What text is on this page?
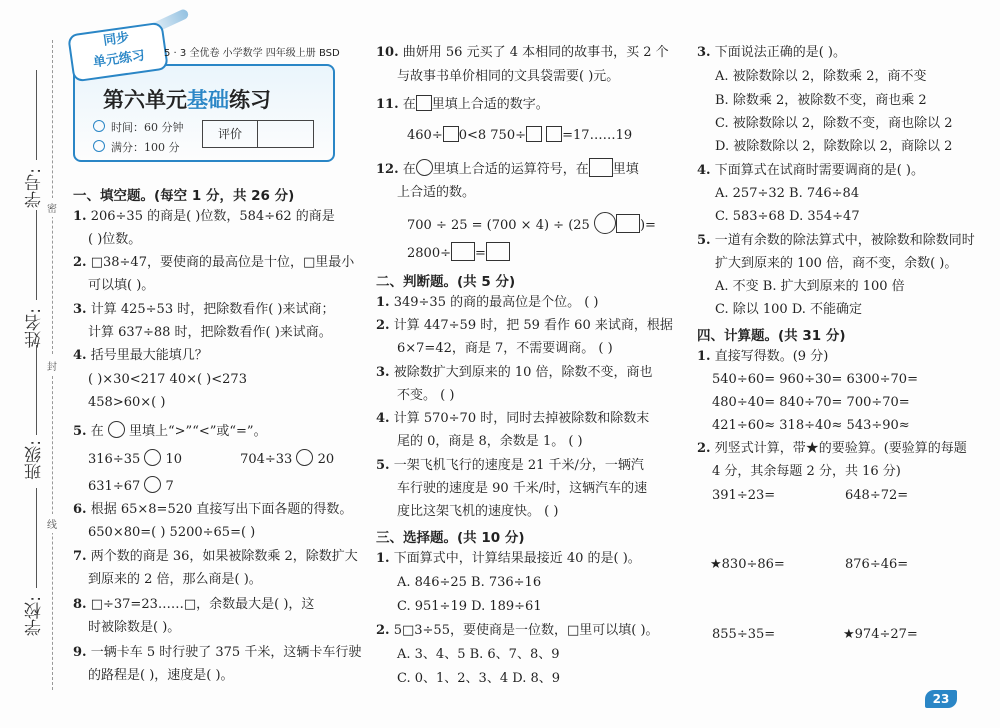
学号:
姓名:
班级:
学校:
密
封
线
同步
单元练习	5 · 3 全优卷 小学数学 四年级上册 BSD
第六单元基础练习
时间：60 分钟
满分：100 分
评价
一、填空题。(每空 1 分，共 26 分)
1. 206÷35 的商是( )位数，584÷62 的商是
( )位数。
2. □38÷47，要使商的最高位是十位，□里最小
可以填( )。
3. 计算 425÷53 时，把除数看作( )来试商；
计算 637÷88 时，把除数看作( )来试商。
4. 括号里最大能填几？
( )×30<217 40×( )<273
458>60×( )
5. 在 里填上“>”“<”或“=”。
316÷35 10	704÷33 20
631÷67 7
6. 根据 65×8=520 直接写出下面各题的得数。
650×80=( ) 5200÷65=( )
7. 两个数的商是 36，如果被除数乘 2，除数扩大
到原来的 2 倍，那么商是( )。
8. □÷37=23……□，余数最大是( )，这
时被除数是( )。
9. 一辆卡车 5 时行驶了 375 千米，这辆卡车行驶
的路程是( )，速度是( )。
10. 曲妍用 56 元买了 4 本相同的故事书，买 2 个
与故事书单价相同的文具袋需要( )元。
11. 在 里填上合适的数字。
460÷ 0<8 750÷	=17……19
12. 在 里填上合适的运算符号，在 里填
上合适的数。
700 ÷ 25 = (700 × 4) ÷ (25	)=
2800÷ =
二、判断题。(共 5 分)
1. 349÷35 的商的最高位是个位。 ( )
2. 计算 447÷59 时，把 59 看作 60 来试商，根据
6×7=42，商是 7，不需要调商。 ( )
3. 被除数扩大到原来的 10 倍，除数不变，商也
不变。 ( )
4. 计算 570÷70 时，同时去掉被除数和除数末
尾的 0，商是 8，余数是 1。 ( )
5. 一架飞机飞行的速度是 21 千米/分，一辆汽
车行驶的速度是 90 千米/时，这辆汽车的速
度比这架飞机的速度快。 ( )
三、选择题。(共 10 分)
1. 下面算式中，计算结果最接近 40 的是( )。
A. 846÷25 B. 736÷16
C. 951÷19 D. 189÷61
2. 5□3÷55，要使商是一位数，□里可以填( )。
A. 3、4、5 B. 6、7、8、9
C. 0、1、2、3、4 D. 8、9
3. 下面说法正确的是( )。
A. 被除数除以 2，除数乘 2，商不变
B. 除数乘 2，被除数不变，商也乘 2
C. 被除数除以 2，除数不变，商也除以 2
D. 被除数除以 2，除数除以 2，商除以 2
4. 下面算式在试商时需要调商的是( )。
A. 257÷32 B. 746÷84
C. 583÷68 D. 354÷47
5. 一道有余数的除法算式中，被除数和除数同时
扩大到原来的 100 倍，商不变，余数( )。
A. 不变 B. 扩大到原来的 100 倍
C. 除以 100 D. 不能确定
四、计算题。(共 31 分)
1. 直接写得数。(9 分)
540÷60= 960÷30= 6300÷70=
480÷40= 840÷70= 700÷70=
421÷60≈ 318÷40≈ 543÷90≈
2. 列竖式计算，带★的要验算。(要验算的每题
4 分，其余每题 2 分，共 16 分)
391÷23=	648÷72=
★830÷86=	876÷46=
855÷35=	★974÷27=
23
